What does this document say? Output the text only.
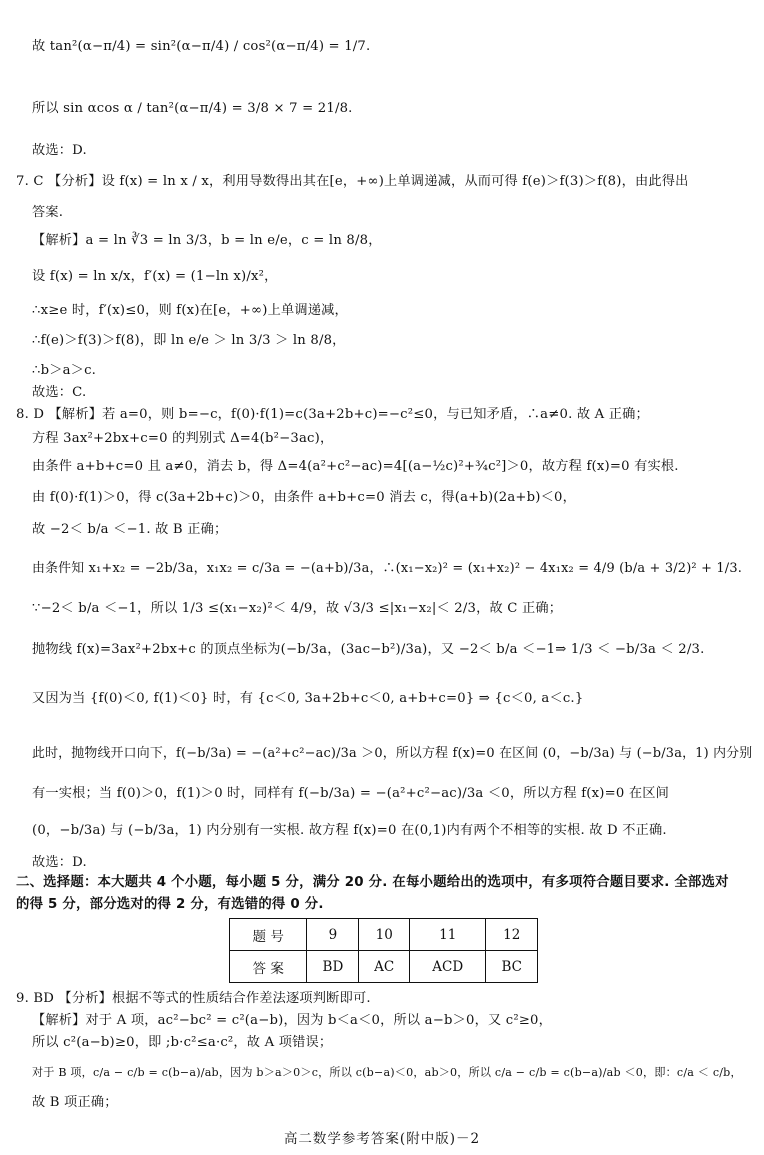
故 tan²(α−π/4) = sin²(α−π/4) / cos²(α−π/4) = 1/7.
所以 sin αcos α / tan²(α−π/4) = 3/8 × 7 = 21/8.
故选：D.
7. C 【分析】设 f(x) = ln x / x，利用导数得出其在[e，+∞)上单调递减，从而可得 f(e)＞f(3)＞f(8)，由此得出
答案.
【解析】a = ln ∛3 = ln 3/3，b = ln e/e，c = ln 8/8，
设 f(x) = ln x/x，f′(x) = (1−ln x)/x²，
∴x≥e 时，f′(x)≤0，则 f(x)在[e，+∞)上单调递减，
∴f(e)＞f(3)＞f(8)，即 ln e/e ＞ ln 3/3 ＞ ln 8/8，
∴b＞a＞c.
故选：C.
8. D 【解析】若 a=0，则 b=−c，f(0)·f(1)=c(3a+2b+c)=−c²≤0，与已知矛盾，∴a≠0. 故 A 正确；
方程 3ax²+2bx+c=0 的判别式 Δ=4(b²−3ac)，
由条件 a+b+c=0 且 a≠0，消去 b，得 Δ=4(a²+c²−ac)=4[(a−½c)²+¾c²]＞0，故方程 f(x)=0 有实根.
由 f(0)·f(1)＞0，得 c(3a+2b+c)＞0，由条件 a+b+c=0 消去 c，得(a+b)(2a+b)＜0，
故 −2＜ b/a ＜−1. 故 B 正确；
由条件知 x₁+x₂ = −2b/3a，x₁x₂ = c/3a = −(a+b)/3a，∴(x₁−x₂)² = (x₁+x₂)² − 4x₁x₂ = 4/9 (b/a + 3/2)² + 1/3.
∵−2＜ b/a ＜−1，所以 1/3 ≤(x₁−x₂)²＜ 4/9，故 √3/3 ≤|x₁−x₂|＜ 2/3，故 C 正确；
抛物线 f(x)=3ax²+2bx+c 的顶点坐标为(−b/3a，(3ac−b²)/3a)，又 −2＜ b/a ＜−1⇒ 1/3 ＜ −b/3a ＜ 2/3.
又因为当 {f(0)＜0, f(1)＜0} 时，有 {c＜0, 3a+2b+c＜0, a+b+c=0} ⇒ {c＜0, a＜c.}
此时，抛物线开口向下，f(−b/3a) = −(a²+c²−ac)/3a ＞0，所以方程 f(x)=0 在区间 (0，−b/3a) 与 (−b/3a，1) 内分别
有一实根；当 f(0)＞0，f(1)＞0 时，同样有 f(−b/3a) = −(a²+c²−ac)/3a ＜0，所以方程 f(x)=0 在区间
(0，−b/3a) 与 (−b/3a，1) 内分别有一实根. 故方程 f(x)=0 在(0,1)内有两个不相等的实根. 故 D 不正确.
故选：D.
二、选择题：本大题共 4 个小题，每小题 5 分，满分 20 分. 在每小题给出的选项中，有多项符合题目要求. 全部选对
的得 5 分，部分选对的得 2 分，有选错的得 0 分.
题 号	9	10	11	12
答 案	BD	AC	ACD	BC
9. BD 【分析】根据不等式的性质结合作差法逐项判断即可.
【解析】对于 A 项，ac²−bc² = c²(a−b)，因为 b＜a＜0，所以 a−b＞0，又 c²≥0，
所以 c²(a−b)≥0，即 ;b·c²≤a·c²，故 A 项错误；
对于 B 项，c/a − c/b = c(b−a)/ab，因为 b＞a＞0＞c，所以 c(b−a)＜0，ab＞0，所以 c/a − c/b = c(b−a)/ab ＜0，即：c/a ＜ c/b，
故 B 项正确；
高二数学参考答案(附中版)－2
